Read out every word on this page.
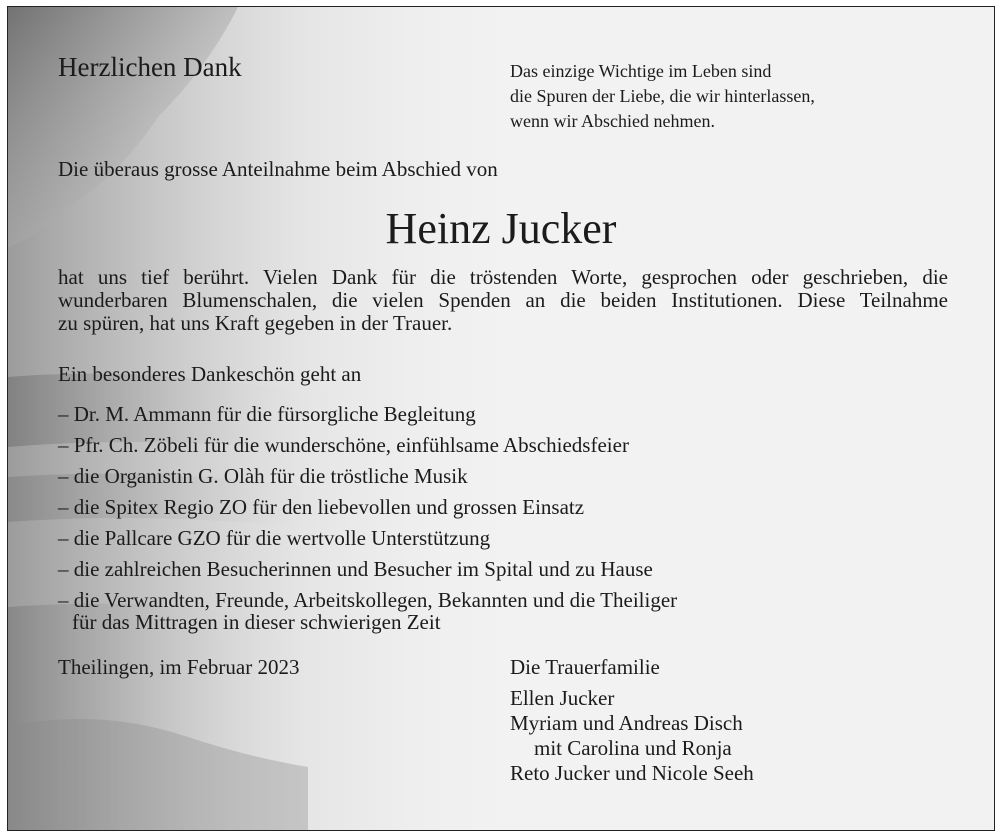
Herzlichen Dank	Das einzige Wichtige im Leben sind
die Spuren der Liebe, die wir hinterlassen,
wenn wir Abschied nehmen.
Die überaus grosse Anteilnahme beim Abschied von
Heinz Jucker
hat uns tief berührt. Vielen Dank für die tröstenden Worte, gesprochen oder geschrieben, die
wunderbaren Blumenschalen, die vielen Spenden an die beiden Institutionen. Diese Teilnahme
zu spüren, hat uns Kraft gegeben in der Trauer.
Ein besonderes Dankeschön geht an
– Dr. M. Ammann für die fürsorgliche Begleitung
– Pfr. Ch. Zöbeli für die wunderschöne, einfühlsame Abschiedsfeier
– die Organistin G. Olàh für die tröstliche Musik
– die Spitex Regio ZO für den liebevollen und grossen Einsatz
– die Pallcare GZO für die wertvolle Unterstützung
– die zahlreichen Besucherinnen und Besucher im Spital und zu Hause
– die Verwandten, Freunde, Arbeitskollegen, Bekannten und die Theiliger
für das Mittragen in dieser schwierigen Zeit
Theilingen, im Februar 2023	Die Trauerfamilie
Ellen Jucker
Myriam und Andreas Disch
mit Carolina und Ronja
Reto Jucker und Nicole Seeh
